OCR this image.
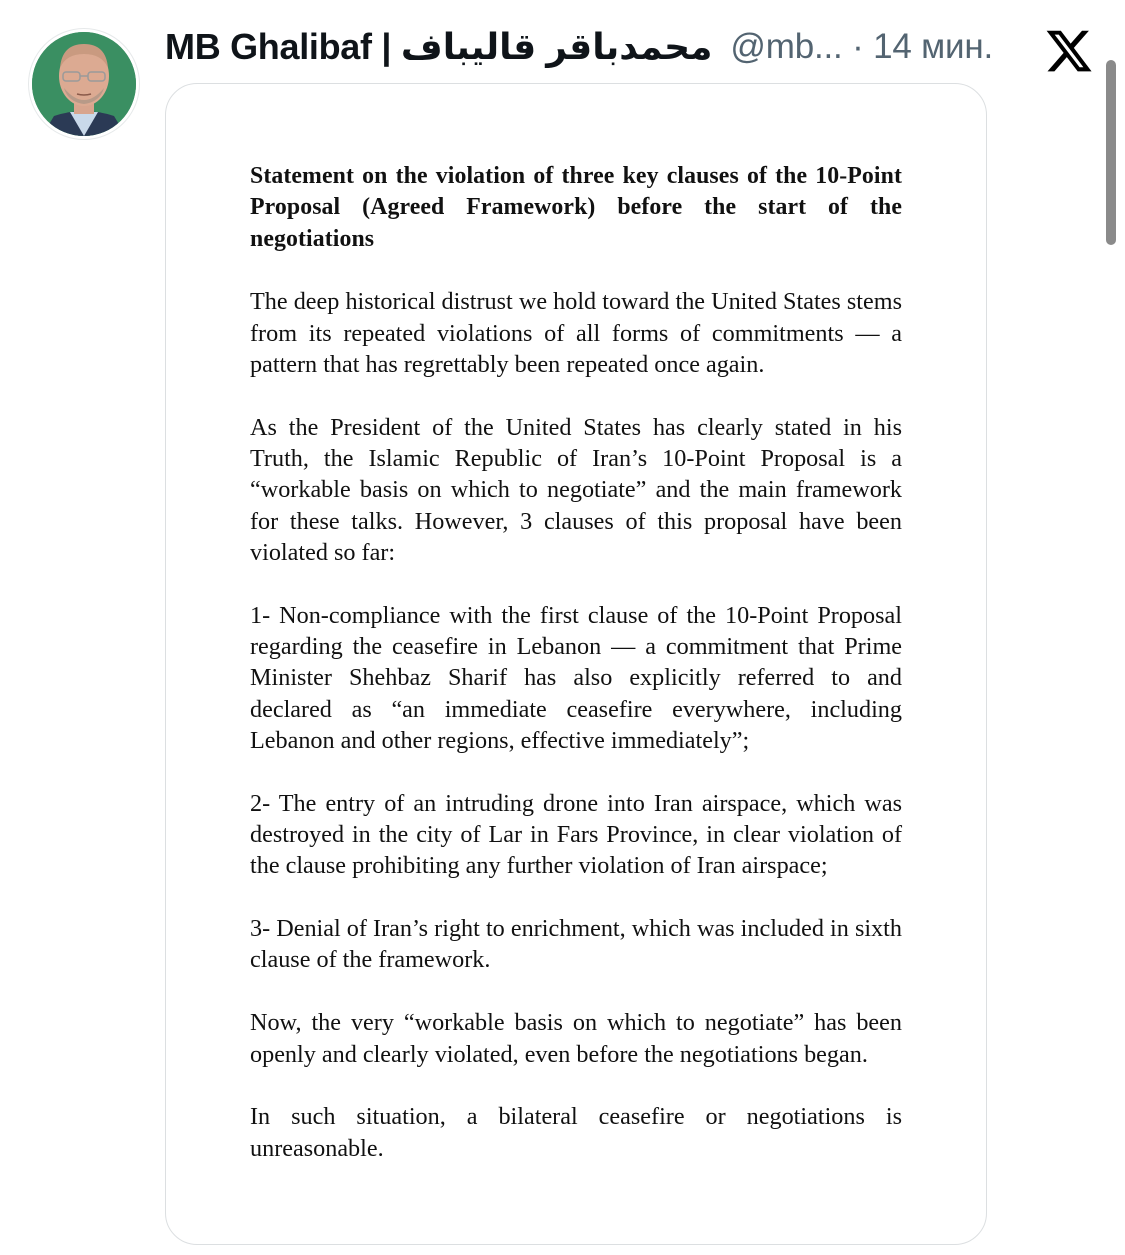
MB Ghalibaf | محمدباقر قالیباف @mb... · 14 мин.

Statement on the violation of three key clauses of the 10-Point Proposal (Agreed Framework) before the start of the negotiations

The deep historical distrust we hold toward the United States stems from its repeated violations of all forms of commitments — a pattern that has regrettably been repeated once again.

As the President of the United States has clearly stated in his Truth, the Islamic Republic of Iran’s 10-Point Proposal is a “workable basis on which to negotiate” and the main framework for these talks. However, 3 clauses of this proposal have been violated so far:

1- Non-compliance with the first clause of the 10-Point Proposal regarding the ceasefire in Lebanon — a commitment that Prime Minister Shehbaz Sharif has also explicitly referred to and declared as “an immediate ceasefire everywhere, including Lebanon and other regions, effective immediately”;

2- The entry of an intruding drone into Iran airspace, which was destroyed in the city of Lar in Fars Province, in clear violation of the clause prohibiting any further violation of Iran airspace;

3- Denial of Iran’s right to enrichment, which was included in sixth clause of the framework.

Now, the very “workable basis on which to negotiate” has been openly and clearly violated, even before the negotiations began.

In such situation, a bilateral ceasefire or negotiations is unreasonable.
